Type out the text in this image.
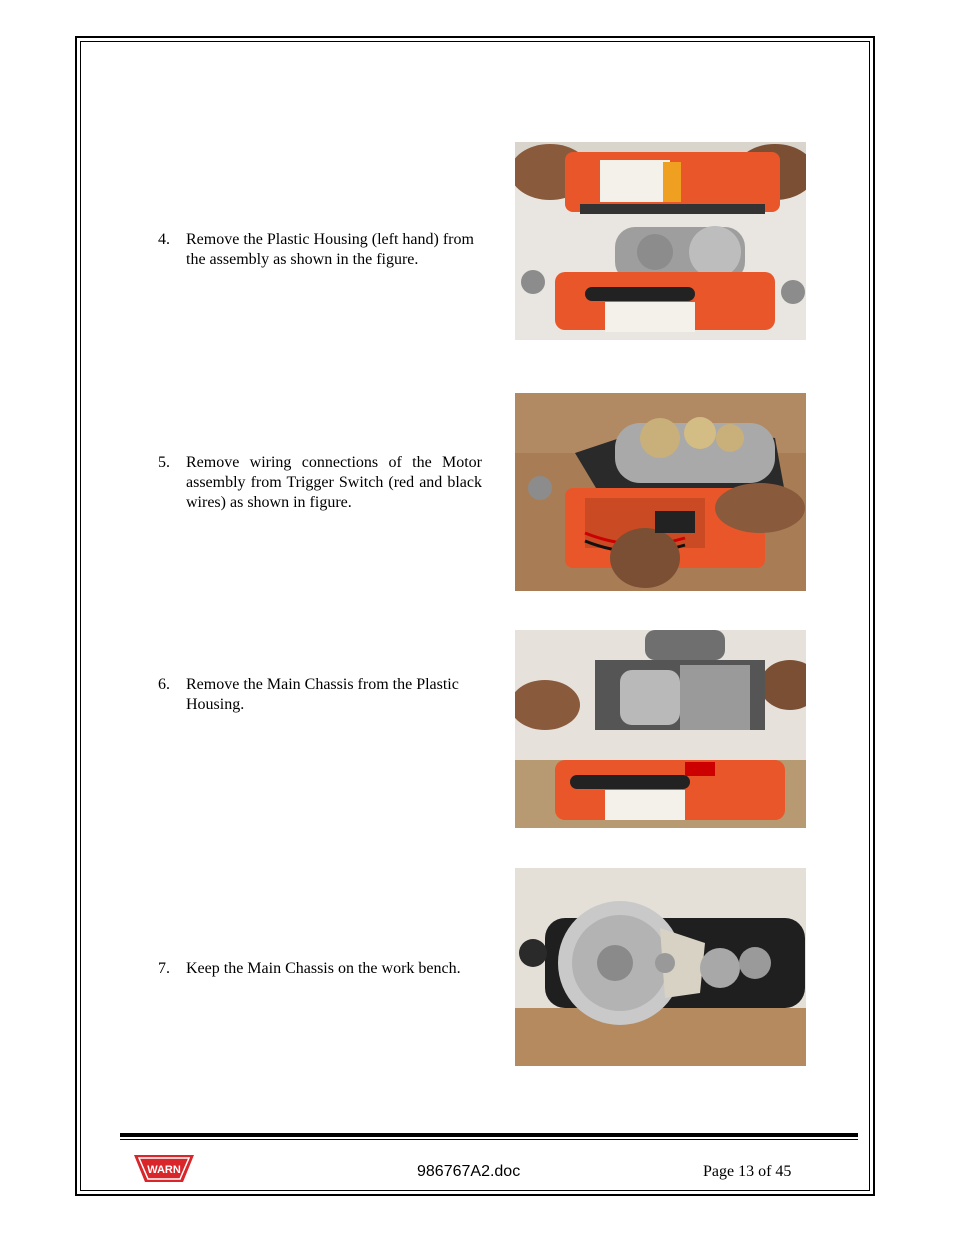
4. Remove the Plastic Housing (left hand) from the assembly as shown in the figure.
5. Remove wiring connections of the Motor assembly from Trigger Switch (red and black wires) as shown in figure.
6. Remove the Main Chassis from the Plastic Housing.
7. Keep the Main Chassis on the work bench.
WARN	986767A2.doc	Page 13 of 45
